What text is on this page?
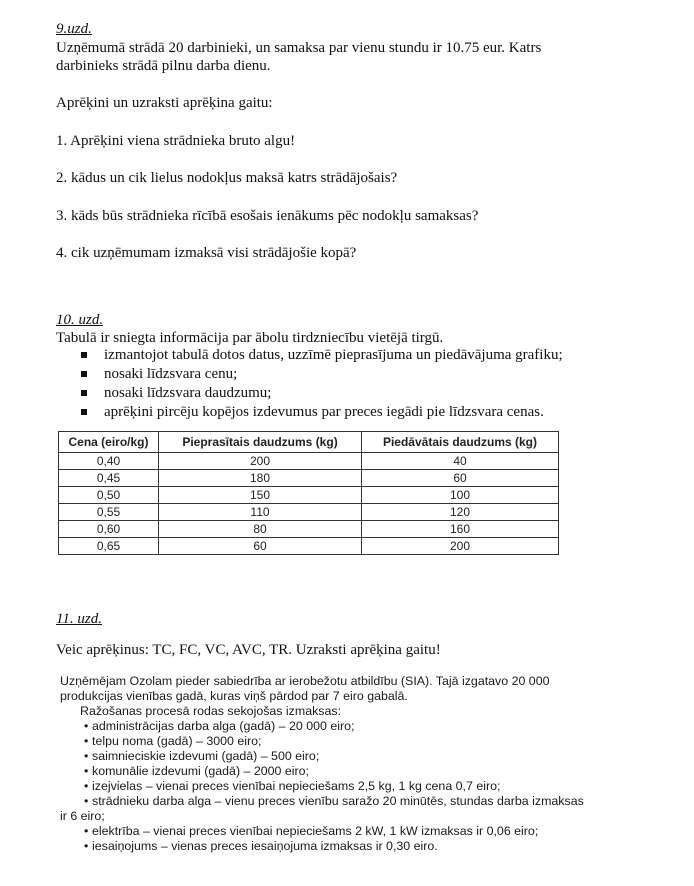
9.uzd.
Uzņēmumā strādā 20 darbinieki, un samaksa par vienu stundu ir 10.75 eur. Katrs
darbinieks strādā pilnu darba dienu.
Aprēķini un uzraksti aprēķina gaitu:
1. Aprēķini viena strādnieka bruto algu!
2. kādus un cik lielus nodokļus maksā katrs strādājošais?
3. kāds būs strādnieka rīcībā esošais ienākums pēc nodokļu samaksas?
4. cik uzņēmumam izmaksā visi strādājošie kopā?
10. uzd.
Tabulā ir sniegta informācija par ābolu tirdzniecību vietējā tirgū.
izmantojot tabulā dotos datus, uzzīmē pieprasījuma un piedāvājuma grafiku;
nosaki līdzsvara cenu;
nosaki līdzsvara daudzumu;
aprēķini pircēju kopējos izdevumus par preces iegādi pie līdzsvara cenas.
Cena (eiro/kg)	Pieprasītais daudzums (kg)	Piedāvātais daudzums (kg)
0,40	200	40
0,45	180	60
0,50	150	100
0,55	110	120
0,60	80	160
0,65	60	200
11. uzd.
Veic aprēķinus: TC, FC, VC, AVC, TR. Uzraksti aprēķina gaitu!

Uzņēmējam Ozolam pieder sabiedrība ar ierobežotu atbildību (SIA). Tajā izgatavo 20 000

produkcijas vienības gadā, kuras viņš pārdod par 7 eiro gabalā.

Ražošanas procesā rodas sekojošas izmaksas:

• administrācijas darba alga (gadā) – 20 000 eiro;
• telpu noma (gadā) – 3000 eiro;
• saimnieciskie izdevumi (gadā) – 500 eiro;
• komunālie izdevumi (gadā) – 2000 eiro;
• izejvielas – vienai preces vienībai nepieciešams 2,5 kg, 1 kg cena 0,7 eiro;
• strādnieku darba alga – vienu preces vienību saražo 20 minūtēs, stundas darba izmaksas

ir 6 eiro;

• elektrība – vienai preces vienībai nepieciešams 2 kW, 1 kW izmaksas ir 0,06 eiro;
• iesaiņojums – vienas preces iesaiņojuma izmaksas ir 0,30 eiro.
